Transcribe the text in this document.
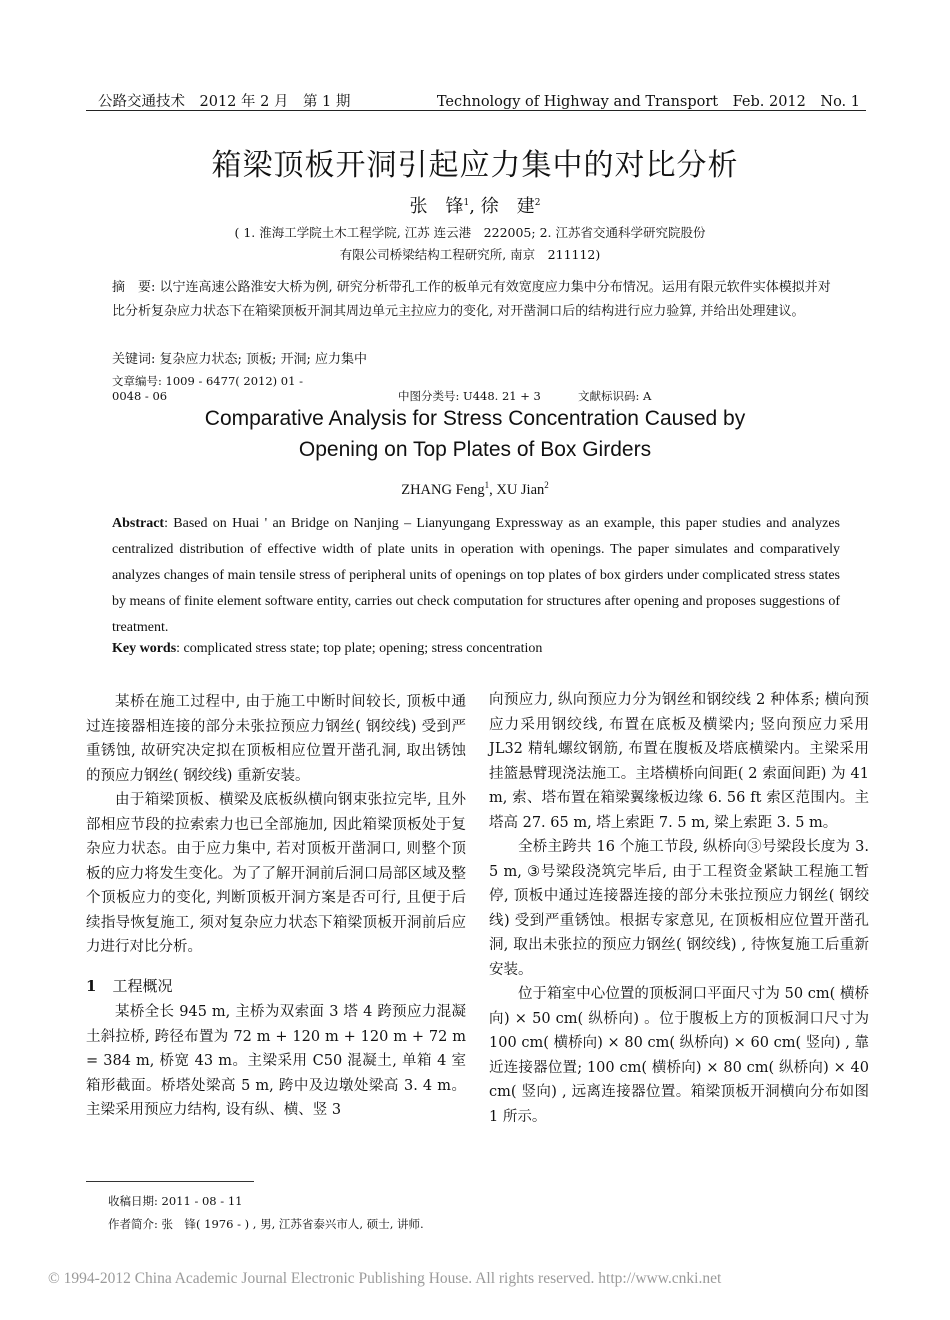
公路交通技术　2012 年 2 月　第 1 期	Technology of Highway and Transport　Feb. 2012　No. 1
箱梁顶板开洞引起应力集中的对比分析
张　锋$^1$, 徐　建$^2$
( 1. 淮海工学院土木工程学院, 江苏 连云港　222005; 2. 江苏省交通科学研究院股份
有限公司桥梁结构工程研究所, 南京　211112)
摘　要: 以宁连高速公路淮安大桥为例, 研究分析带孔工作的板单元有效宽度应力集中分布情况。运用有限元软件实体模拟并对比分析复杂应力状态下在箱梁顶板开洞其周边单元主拉应力的变化, 对开凿洞口后的结构进行应力验算, 并给出处理建议。
关键词: 复杂应力状态; 顶板; 开洞; 应力集中
文章编号: 1009 - 6477( 2012) 01 - 0048 - 06	中图分类号: U448. 21 + 3	文献标识码: A
Comparative Analysis for Stress Concentration Caused by
Opening on Top Plates of Box Girders
ZHANG Feng$^1$, XU Jian$^2$
Abstract: Based on Huai ' an Bridge on Nanjing – Lianyungang Expressway as an example, this paper studies and analyzes centralized distribution of effective width of plate units in operation with openings. The paper simulates and comparatively analyzes changes of main tensile stress of peripheral units of openings on top plates of box girders under complicated stress states by means of finite element software entity, carries out check computation for structures after opening and proposes suggestions of treatment.
Key words: complicated stress state; top plate; opening; stress concentration

某桥在施工过程中, 由于施工中断时间较长, 顶板中通过连接器相连接的部分未张拉预应力钢丝( 钢绞线) 受到严重锈蚀, 故研究决定拟在顶板相应位置开凿孔洞, 取出锈蚀的预应力钢丝( 钢绞线) 重新安装。

由于箱梁顶板、横梁及底板纵横向钢束张拉完毕, 且外部相应节段的拉索索力也已全部施加, 因此箱梁顶板处于复杂应力状态。由于应力集中, 若对顶板开凿洞口, 则整个顶板的应力将发生变化。为了了解开洞前后洞口局部区域及整个顶板应力的变化, 判断顶板开洞方案是否可行, 且便于后续指导恢复施工, 须对复杂应力状态下箱梁顶板开洞前后应力进行对比分析。

1 工程概况

某桥全长 945 m, 主桥为双索面 3 塔 4 跨预应力混凝土斜拉桥, 跨径布置为 72 m + 120 m + 120 m + 72 m = 384 m, 桥宽 43 m。主梁采用 C50 混凝土, 单箱 4 室箱形截面。桥塔处梁高 5 m, 跨中及边墩处梁高 3. 4 m。主梁采用预应力结构, 设有纵、横、竖 3

向预应力, 纵向预应力分为钢丝和钢绞线 2 种体系; 横向预应力采用钢绞线, 布置在底板及横梁内; 竖向预应力采用 JL32 精轧螺纹钢筋, 布置在腹板及塔底横梁内。主梁采用挂篮悬臂现浇法施工。主塔横桥向间距( 2 索面间距) 为 41 m, 索、塔布置在箱梁翼缘板边缘 6. 56 ft 索区范围内。主塔高 27. 65 m, 塔上索距 7. 5 m, 梁上索距 3. 5 m。

全桥主跨共 16 个施工节段, 纵桥向③号梁段长度为 3. 5 m, ③号梁段浇筑完毕后, 由于工程资金紧缺工程施工暂停, 顶板中通过连接器连接的部分未张拉预应力钢丝( 钢绞线) 受到严重锈蚀。根据专家意见, 在顶板相应位置开凿孔洞, 取出未张拉的预应力钢丝( 钢绞线) , 待恢复施工后重新安装。

位于箱室中心位置的顶板洞口平面尺寸为 50 cm( 横桥向) × 50 cm( 纵桥向) 。位于腹板上方的顶板洞口尺寸为 100 cm( 横桥向) × 80 cm( 纵桥向) × 60 cm( 竖向) , 靠近连接器位置; 100 cm( 横桥向) × 80 cm( 纵桥向) × 40 cm( 竖向) , 远离连接器位置。箱梁顶板开洞横向分布如图 1 所示。

收稿日期: 2011 - 08 - 11
作者简介: 张　锋( 1976 - ) , 男, 江苏省泰兴市人, 硕士, 讲师.
© 1994-2012 China Academic Journal Electronic Publishing House. All rights reserved. http://www.cnki.net
